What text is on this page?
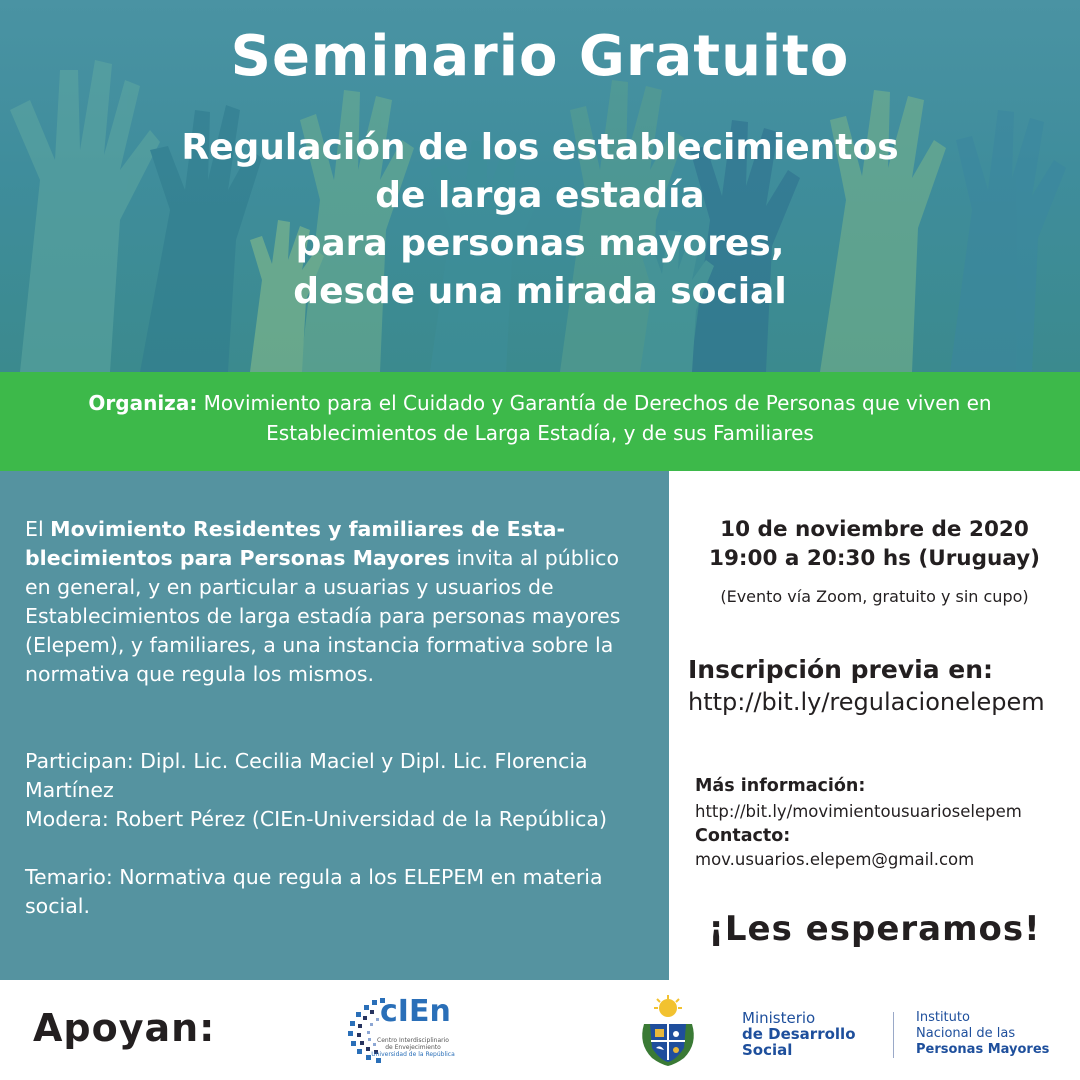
Seminario Gratuito
Regulación de los establecimientos
de larga estadía
para personas mayores,
desde una mirada social
Organiza: Movimiento para el Cuidado y Garantía de Derechos de Personas que viven en Establecimientos de Larga Estadía, y de sus Familiares

El Movimiento Residentes y familiares de Esta-blecimientos para Personas Mayores invita al público en general, y en particular a usuarias y usuarios de Establecimientos de larga estadía para personas mayores (Elepem), y familiares, a una instancia formativa sobre la normativa que regula los mismos.

Participan: Dipl. Lic. Cecilia Maciel y Dipl. Lic. Florencia Martínez

Modera: Robert Pérez (CIEn-Universidad de la República)

Temario: Normativa que regula a los ELEPEM en materia social.

10 de noviembre de 2020
19:00 a 20:30 hs (Uruguay)
(Evento vía Zoom, gratuito y sin cupo)
Inscripción previa en:
http://bit.ly/regulacionelepem
Más información:
http://bit.ly/movimientousuarioselepem
Contacto:
mov.usuarios.elepem@gmail.com
¡Les esperamos!
Apoyan:	cIEn
Centro Interdisciplinario
de Envejecimiento
Universidad de la República
Ministerio
de Desarrollo
Social
Instituto
Nacional de las
Personas Mayores
